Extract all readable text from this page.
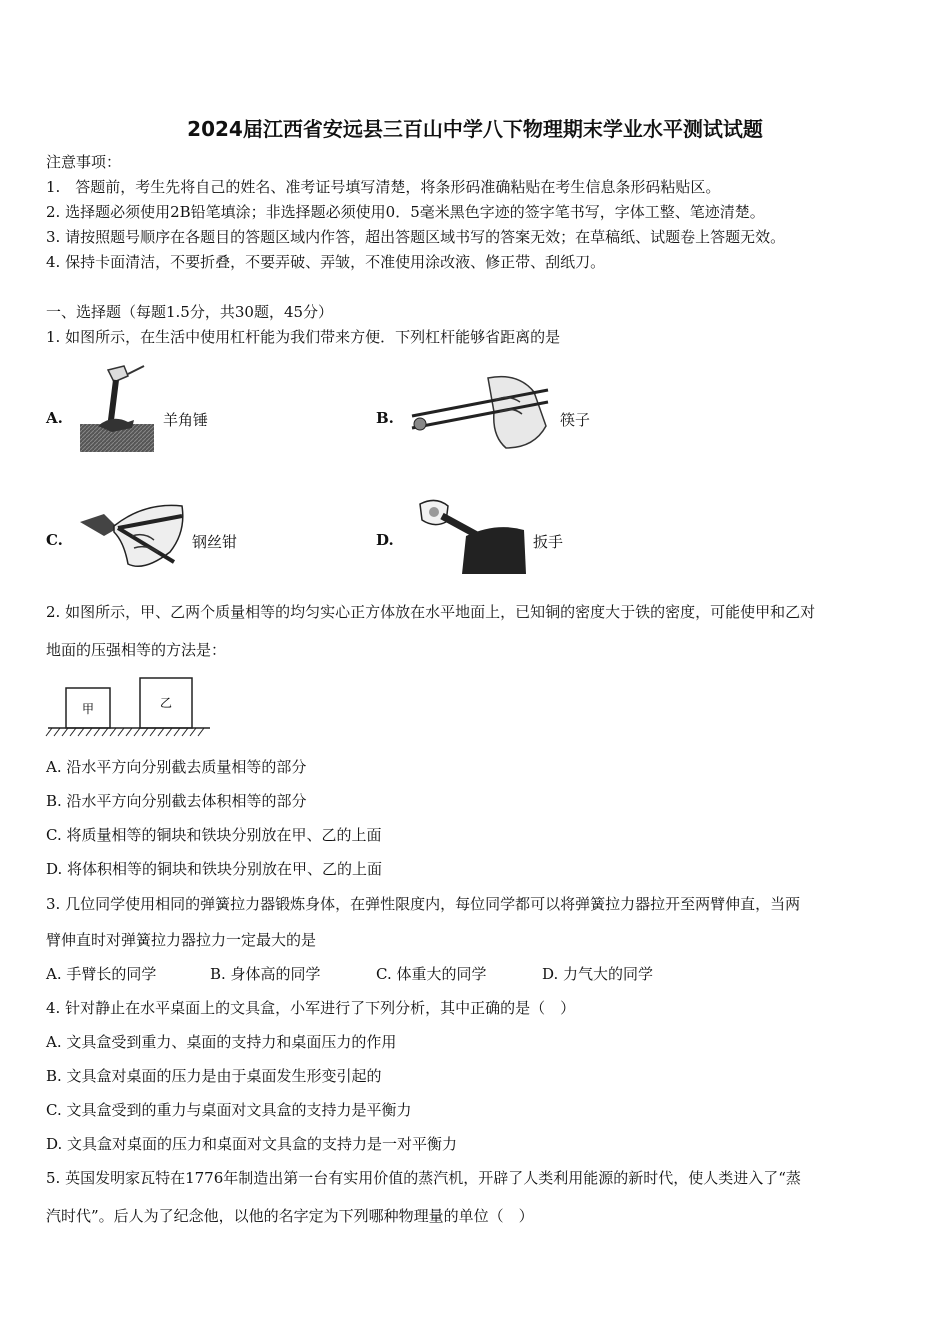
2024届江西省安远县三百山中学八下物理期末学业水平测试试题
注意事项：
1.　答题前，考生先将自己的姓名、准考证号填写清楚，将条形码准确粘贴在考生信息条形码粘贴区。
2. 选择题必须使用2B铅笔填涂；非选择题必须使用0．5毫米黑色字迹的签字笔书写，字体工整、笔迹清楚。
3. 请按照题号顺序在各题目的答题区域内作答，超出答题区域书写的答案无效；在草稿纸、试题卷上答题无效。
4. 保持卡面清洁，不要折叠，不要弄破、弄皱，不准使用涂改液、修正带、刮纸刀。
一、选择题（每题1.5分，共30题，45分）
1. 如图所示，在生活中使用杠杆能为我们带来方便．下列杠杆能够省距离的是
A.	羊角锤	B.	筷子
C.	钢丝钳	D.	扳手
2. 如图所示，甲、乙两个质量相等的均匀实心正方体放在水平地面上，已知铜的密度大于铁的密度，可能使甲和乙对
地面的压强相等的方法是：
甲	乙
A. 沿水平方向分别截去质量相等的部分
B. 沿水平方向分别截去体积相等的部分
C. 将质量相等的铜块和铁块分别放在甲、乙的上面
D. 将体积相等的铜块和铁块分别放在甲、乙的上面
3. 几位同学使用相同的弹簧拉力器锻炼身体，在弹性限度内，每位同学都可以将弹簧拉力器拉开至两臂伸直，当两
臂伸直时对弹簧拉力器拉力一定最大的是
A. 手臂长的同学	B. 身体高的同学	C. 体重大的同学	D. 力气大的同学
4. 针对静止在水平桌面上的文具盒，小军进行了下列分析，其中正确的是（　）
A. 文具盒受到重力、桌面的支持力和桌面压力的作用
B. 文具盒对桌面的压力是由于桌面发生形变引起的
C. 文具盒受到的重力与桌面对文具盒的支持力是平衡力
D. 文具盒对桌面的压力和桌面对文具盒的支持力是一对平衡力
5. 英国发明家瓦特在1776年制造出第一台有实用价值的蒸汽机，开辟了人类利用能源的新时代，使人类进入了“蒸
汽时代”。后人为了纪念他，以他的名字定为下列哪种物理量的单位（　）
